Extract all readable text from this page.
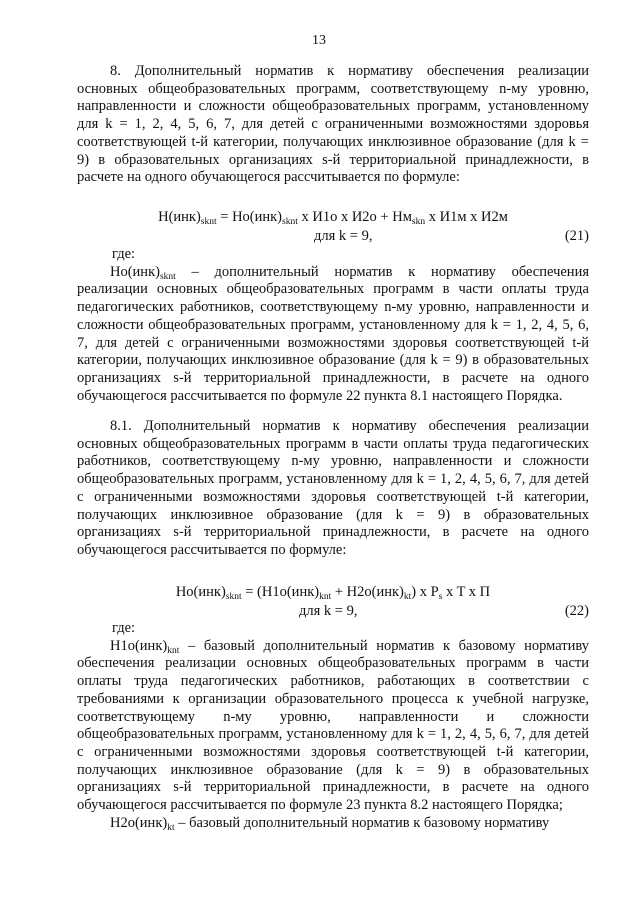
13

8. Дополнительный норматив к нормативу обеспечения реализации основных общеобразовательных программ, соответствующему n-му уровню, направленности и сложности общеобразовательных программ, установленному для k = 1, 2, 4, 5, 6, 7, для детей с ограниченными возможностями здоровья соответствующей t-й категории, получающих инклюзивное образование (для k = 9) в образовательных организациях s-й территориальной принадлежности, в расчете на одного обучающегося рассчитывается по формуле:

$Н(инк)_{sknt} = Но(инк)_{sknt}$ x И1о x $И2о + Нм_{skn}$ x И1м x И2м
для k = 9,	(21)

где:

$Но(инк)_{sknt}$ – дополнительный норматив к нормативу обеспечения реализации основных общеобразовательных программ в части оплаты труда педагогических работников, соответствующему n-му уровню, направленности и сложности общеобразовательных программ, установленному для k = 1, 2, 4, 5, 6, 7, для детей с ограниченными возможностями здоровья соответствующей t-й категории, получающих инклюзивное образование (для k = 9) в образовательных организациях s-й территориальной принадлежности, в расчете на одного обучающегося рассчитывается по формуле 22 пункта 8.1 настоящего Порядка.

8.1. Дополнительный норматив к нормативу обеспечения реализации основных общеобразовательных программ в части оплаты труда педагогических работников, соответствующему n-му уровню, направленности и сложности общеобразовательных программ, установленному для k = 1, 2, 4, 5, 6, 7, для детей с ограниченными возможностями здоровья соответствующей t-й категории, получающих инклюзивное образование (для k = 9) в образовательных организациях s-й территориальной принадлежности, в расчете на одного обучающегося рассчитывается по формуле:

$Но(инк)_{sknt} = (Н1о(инк)_{knt} + Н2о(инк)_{kt})$ x $P_s$ x T x П
для k = 9,	(22)

где:

$Н1о(инк)_{knt}$ – базовый дополнительный норматив к базовому нормативу обеспечения реализации основных общеобразовательных программ в части оплаты труда педагогических работников, работающих в соответствии с требованиями к организации образовательного процесса к учебной нагрузке, соответствующему n-му уровню, направленности и сложности общеобразовательных программ, установленному для k = 1, 2, 4, 5, 6, 7, для детей с ограниченными возможностями здоровья соответствующей t-й категории, получающих инклюзивное образование (для k = 9) в образовательных организациях s-й территориальной принадлежности, в расчете на одного обучающегося рассчитывается по формуле 23 пункта 8.2 настоящего Порядка;

$Н2о(инк)_{kt}$ – базовый дополнительный норматив к базовому нормативу
